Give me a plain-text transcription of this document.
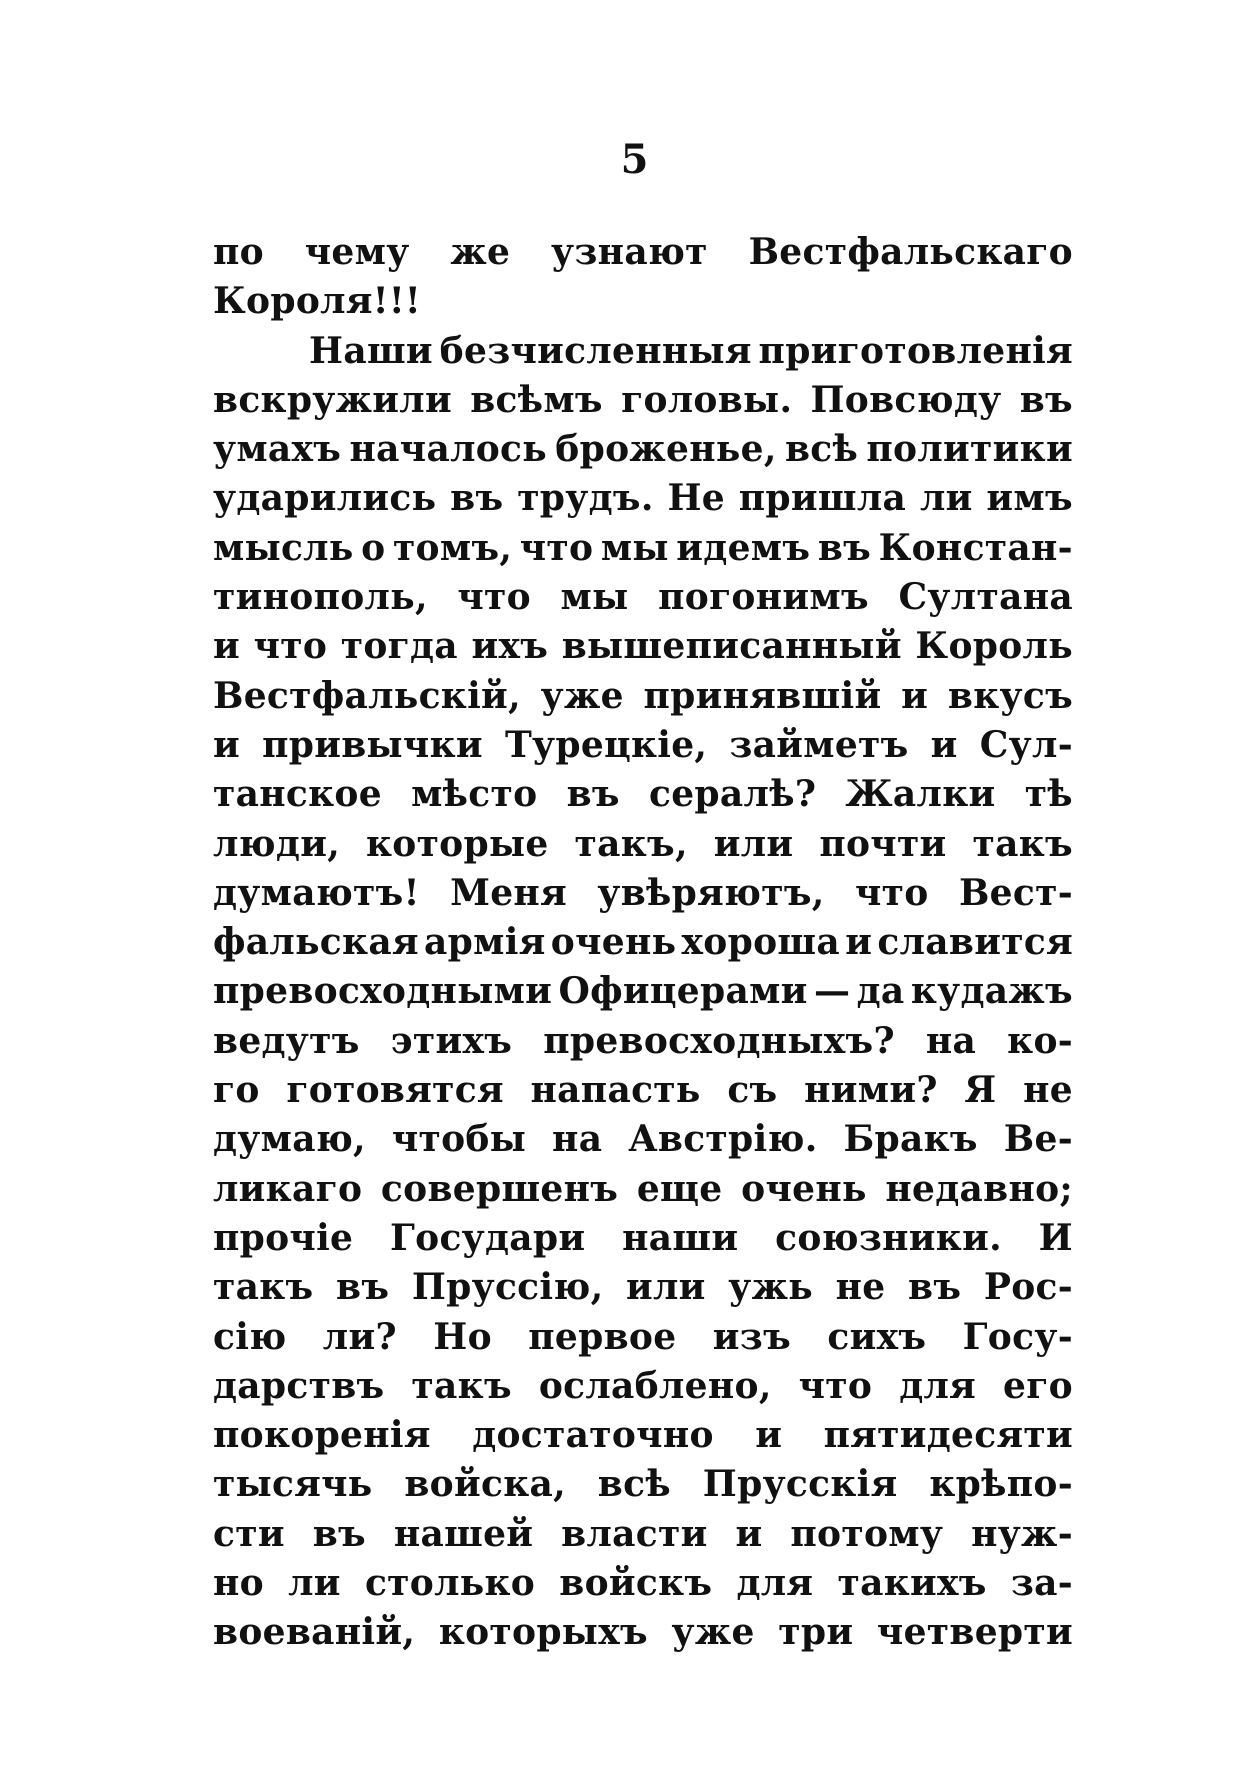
5
по чему же узнают Вестфальскаго
Короля!!!
Наши безчисленныя приготовленія
вскружили всѣмъ головы. Повсюду въ
умахъ началось броженье, всѣ политики
ударились въ трудъ. Не пришла ли имъ
мысль о томъ, что мы идемъ въ Констан-
тинополь, что мы погонимъ Султана
и что тогда ихъ вышеписанный Король
Вестфальскій, уже принявшій и вкусъ
и привычки Турецкіе, займетъ и Сул-
танское мѣсто въ сералѣ? Жалки тѣ
люди, которые такъ, или почти такъ
думаютъ! Меня увѣряютъ, что Вест-
фальская армія очень хороша и славится
превосходными Офицерами — да кудажъ
ведутъ этихъ превосходныхъ? на ко-
го готовятся напасть съ ними? Я не
думаю, чтобы на Австрію. Бракъ Ве-
ликаго совершенъ еще очень недавно;
прочіе Государи наши союзники. И
такъ въ Пруссію, или ужь не въ Рос-
сію ли? Но первое изъ сихъ Госу-
дарствъ такъ ослаблено, что для его
покоренія достаточно и пятидесяти
тысячь войска, всѣ Прусскія крѣпо-
сти въ нашей власти и потому нуж-
но ли столько войскъ для такихъ за-
воеваній, которыхъ уже три четверти
